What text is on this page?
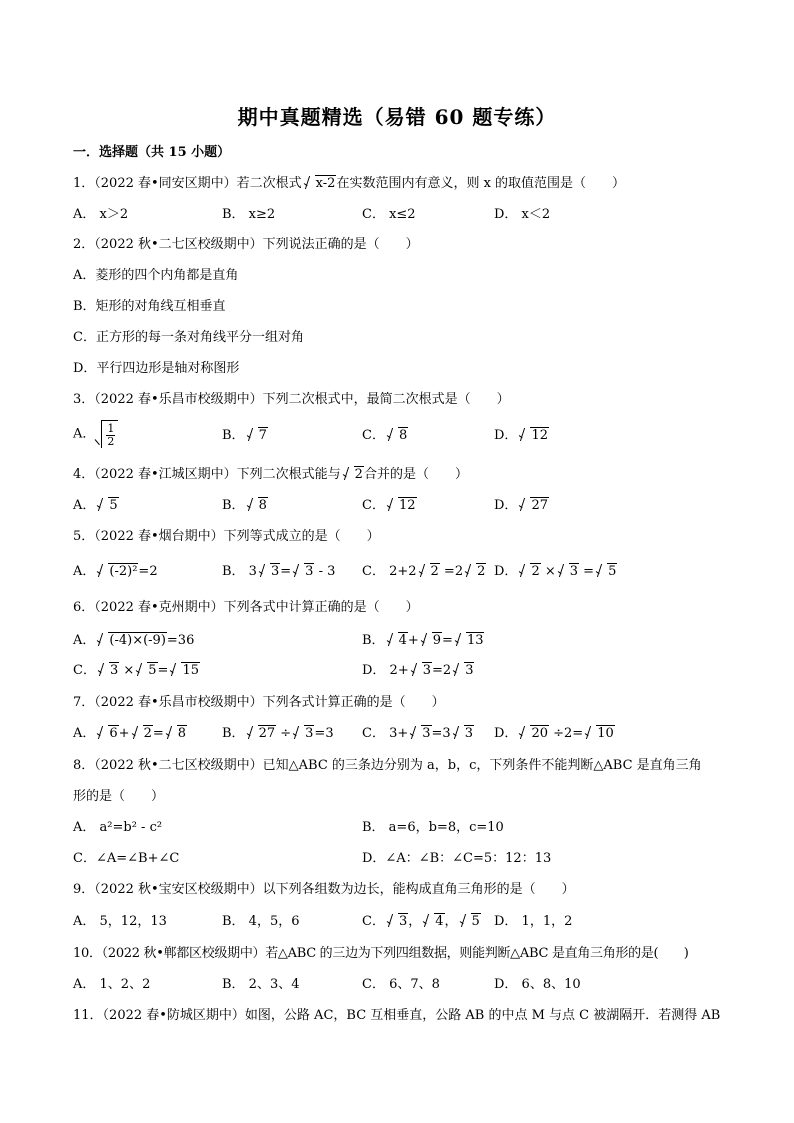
期中真题精选（易错 60 题专练）
一．选择题（共 15 小题）
1．（2022 春•同安区期中）若二次根式 x-2在实数范围内有意义，则 x 的取值范围是（　　）
A． x＞2	B． x≥2	C． x≤2	D． x＜2
2．（2022 秋•二七区校级期中）下列说法正确的是（　　）
A．菱形的四个内角都是直角
B．矩形的对角线互相垂直
C．正方形的每一条对角线平分一组对角
D．平行四边形是轴对称图形
3．（2022 春•乐昌市校级期中）下列二次根式中，最简二次根式是（　　）
A． $\frac{1}{2}$	B． 7	C． 8	D． 12
4．（2022 春•江城区期中）下列二次根式能与 2合并的是（　　）
A． 5	B． 8	C． 12	D． 27
5．（2022 春•烟台期中）下列等式成立的是（　　）
A． (-2)²=2	B． 3 3= 3 - 3 C． 2+2 2 =2 2 D． 2 × 3 = 5
6．（2022 春•克州期中）下列各式中计算正确的是（　　）
A． (-4)×(-9)=36	B． 4+ 9= 13
C． 3 × 5= 15	D． 2+ 3=2 3
7．（2022 春•乐昌市校级期中）下列各式计算正确的是（　　）
A． 6+ 2= 8	B． 27 ÷ 3=3 C． 3+ 3=3 3 D． 20 ÷2= 10
8．（2022 秋•二七区校级期中）已知△ABC 的三条边分别为 a，b，c，下列条件不能判断△ABC 是直角三角
形的是（　　）
A． a²=b² - c²	B． a=6，b=8，c=10
C．∠A=∠B+∠C	D．∠A：∠B：∠C=5：12：13
9．（2022 秋•宝安区校级期中）以下列各组数为边长，能构成直角三角形的是（　　）
A． 5，12，13	B． 4，5，6	C． 3， 4， 5 D． 1，1，2
10．（2022 秋•郸都区校级期中）若△ABC 的三边为下列四组数据，则能判断△ABC 是直角三角形的是(　　)
A． 1、2、2	B． 2、3、4	C． 6、7、8	D． 6、8、10
11．（2022 春•防城区期中）如图，公路 AC，BC 互相垂直，公路 AB 的中点 M 与点 C 被湖隔开．若测得 AB
